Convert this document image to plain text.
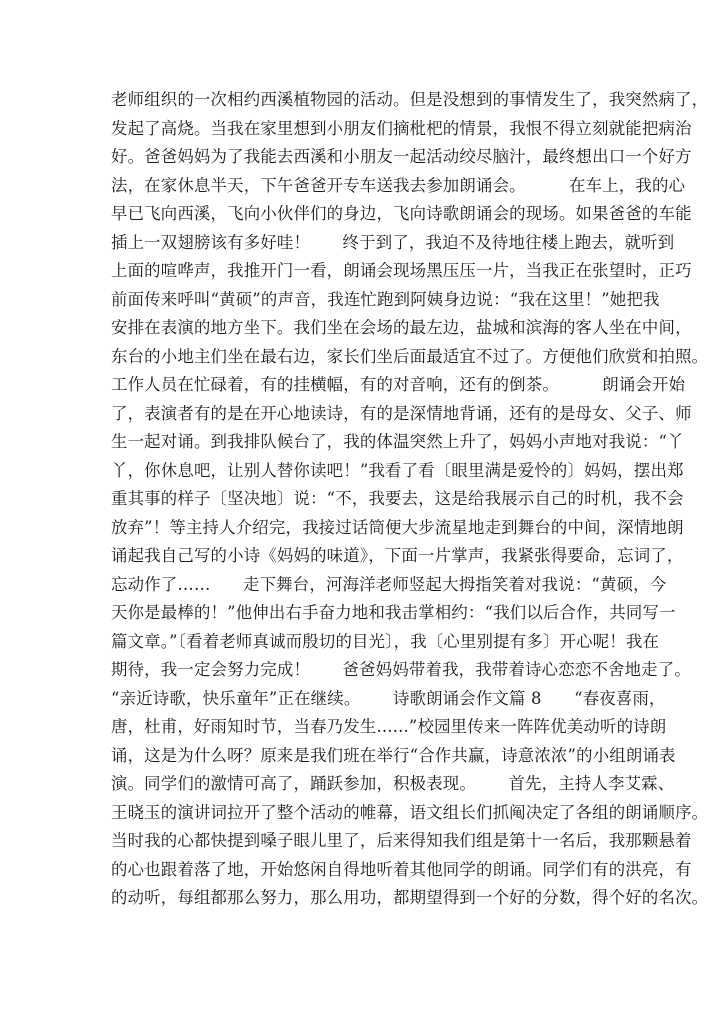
老师组织的一次相约西溪植物园的活动。但是没想到的事情发生了，我突然病了，
发起了高烧。当我在家里想到小朋友们摘枇杷的情景，我恨不得立刻就能把病治
好。爸爸妈妈为了我能去西溪和小朋友一起活动绞尽脑汁，最终想出口一个好方
法，在家休息半天，下午爸爸开专车送我去参加朗诵会。        在车上，我的心
早已飞向西溪，飞向小伙伴们的身边，飞向诗歌朗诵会的现场。如果爸爸的车能
插上一双翅膀该有多好哇！      终于到了，我迫不及待地往楼上跑去，就听到
上面的喧哗声，我推开门一看，朗诵会现场黑压压一片，当我正在张望时，正巧
前面传来呼叫“黄硕”的声音，我连忙跑到阿姨身边说：“我在这里！”她把我
安排在表演的地方坐下。我们坐在会场的最左边，盐城和滨海的客人坐在中间，
东台的小地主们坐在最右边，家长们坐后面最适宜不过了。方便他们欣赏和拍照。
工作人员在忙碌着，有的挂横幅，有的对音响，还有的倒茶。        朗诵会开始
了，表演者有的是在开心地读诗，有的是深情地背诵，还有的是母女、父子、师
生一起对诵。到我排队候台了，我的体温突然上升了，妈妈小声地对我说：“丫
丫，你休息吧，让别人替你读吧！”我看了看〔眼里满是爱怜的〕妈妈，摆出郑
重其事的样子〔坚决地〕说：“不，我要去，这是给我展示自己的时机，我不会
放弃”！等主持人介绍完，我接过话筒便大步流星地走到舞台的中间，深情地朗
诵起我自己写的小诗《妈妈的味道》，下面一片掌声，我紧张得要命，忘词了，
忘动作了……      走下舞台，河海洋老师竖起大拇指笑着对我说：“黄硕，今
天你是最棒的！”他伸出右手奋力地和我击掌相约：“我们以后合作，共同写一
篇文章。”〔看着老师真诚而殷切的目光〕，我〔心里别提有多〕开心呢！我在
期待，我一定会努力完成！      爸爸妈妈带着我，我带着诗心恋恋不舍地走了。
“亲近诗歌，快乐童年”正在继续。      诗歌朗诵会作文篇 8      “春夜喜雨，
唐，杜甫，好雨知时节，当春乃发生......”校园里传来一阵阵优美动听的诗朗
诵，这是为什么呀？原来是我们班在举行“合作共赢，诗意浓浓”的小组朗诵表
演。同学们的激情可高了，踊跃参加，积极表现。      首先，主持人李艾霖、
王晓玉的演讲词拉开了整个活动的帷幕，语文组长们抓阄决定了各组的朗诵顺序。
当时我的心都快提到嗓子眼儿里了，后来得知我们组是第十一名后，我那颗悬着
的心也跟着落了地，开始悠闲自得地听着其他同学的朗诵。同学们有的洪亮，有
的动听，每组都那么努力，那么用功，都期望得到一个好的分数，得个好的名次。
